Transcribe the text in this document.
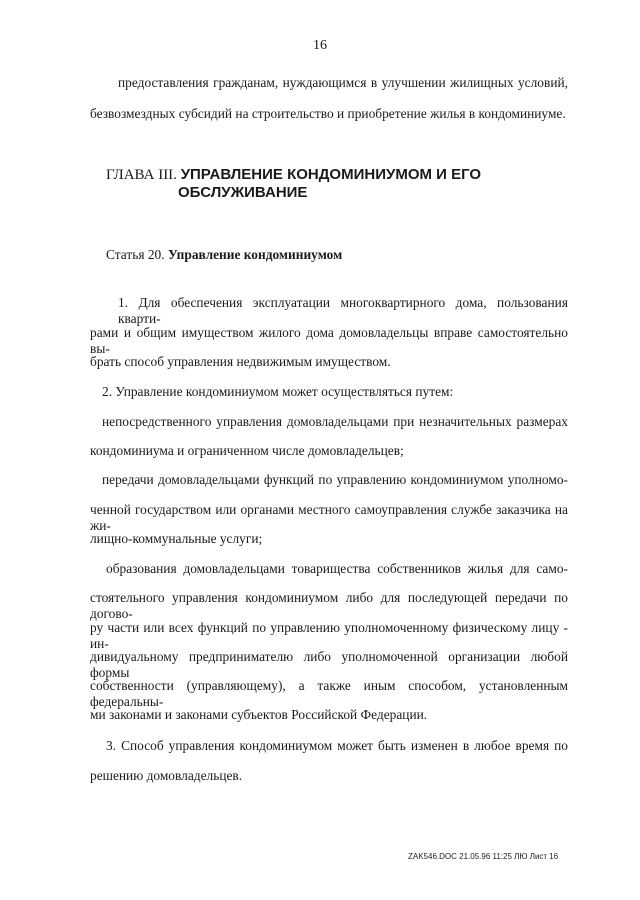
16

предоставления гражданам, нуждающимся в улучшении жилищных условий,

безвозмездных субсидий на строительство и приобретение жилья в кондоминиуме.

ГЛАВА III. УПРАВЛЕНИЕ КОНДОМИНИУМОМ И ЕГО
ОБСЛУЖИВАНИЕ
Статья 20. Управление кондоминиумом

1. Для обеспечения эксплуатации многоквартирного дома, пользования кварти-

рами и общим имуществом жилого дома домовладельцы вправе самостоятельно вы-

брать способ управления недвижимым имуществом.

2. Управление кондоминиумом может осуществляться путем:

непосредственного управления домовладельцами при незначительных размерах

кондоминиума и ограниченном числе домовладельцев;

передачи домовладельцами функций по управлению кондоминиумом уполномо-

ченной государством или органами местного самоуправления службе заказчика на жи-

лищно-коммунальные услуги;

образования домовладельцами товарищества собственников жилья для само-

стоятельного управления кондоминиумом либо для последующей передачи по догово-

ру части или всех функций по управлению уполномоченному физическому лицу - ин-

дивидуальному предпринимателю либо уполномоченной организации любой формы

собственности (управляющему), а также иным способом, установленным федеральны-

ми законами и законами субъектов Российской Федерации.

3. Способ управления кондоминиумом может быть изменен в любое время по

решению домовладельцев.

ZAK546.DOC 21.05.96 11:25 ЛЮ Лист 16
